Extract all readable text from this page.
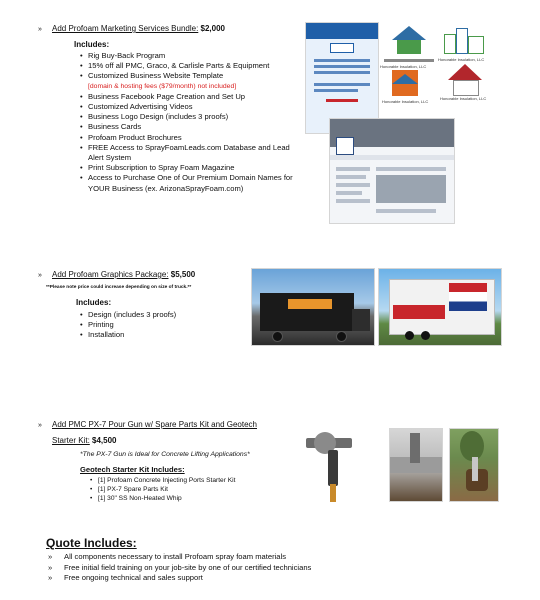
» Add Profoam Marketing Services Bundle: $2,000
Includes:
• Rig Buy-Back Program
• 15% off all PMC, Graco, & Carlisle Parts & Equipment
• Customized Business Website Template
[domain & hosting fees ($79/month) not included]
• Business Facebook Page Creation and Set Up
• Customized Advertising Videos
• Business Logo Design (includes 3 proofs)
• Business Cards
• Profoam Product Brochures
• FREE Access to SprayFoamLeads.com Database and Lead Alert System
• Print Subscription to Spray Foam Magazine
• Access to Purchase One of Our Premium Domain Names for YOUR Business (ex. ArizonaSprayFoam.com)
Honorable Insulation, LLC
Honorable Insulation, LLC
Honorable Insulation, LLC
Honorable Insulation, LLC
» Add Profoam Graphics Package: $5,500
**Please note price could increase depending on size of truck.**
Includes:
• Design (includes 3 proofs)
• Printing
• Installation
» Add PMC PX-7 Pour Gun w/ Spare Parts Kit and Geotech
Starter Kit: $4,500
*The PX-7 Gun is Ideal for Concrete Lifting Applications*
Geotech Starter Kit Includes:
• [1] Profoam Concrete Injecting Ports Starter Kit
• [1] PX-7 Spare Parts Kit
• [1] 30" SS Non-Heated Whip
Quote Includes:
» All components necessary to install Profoam spray foam materials
» Free initial field training on your job-site by one of our certified technicians
» Free ongoing technical and sales support
